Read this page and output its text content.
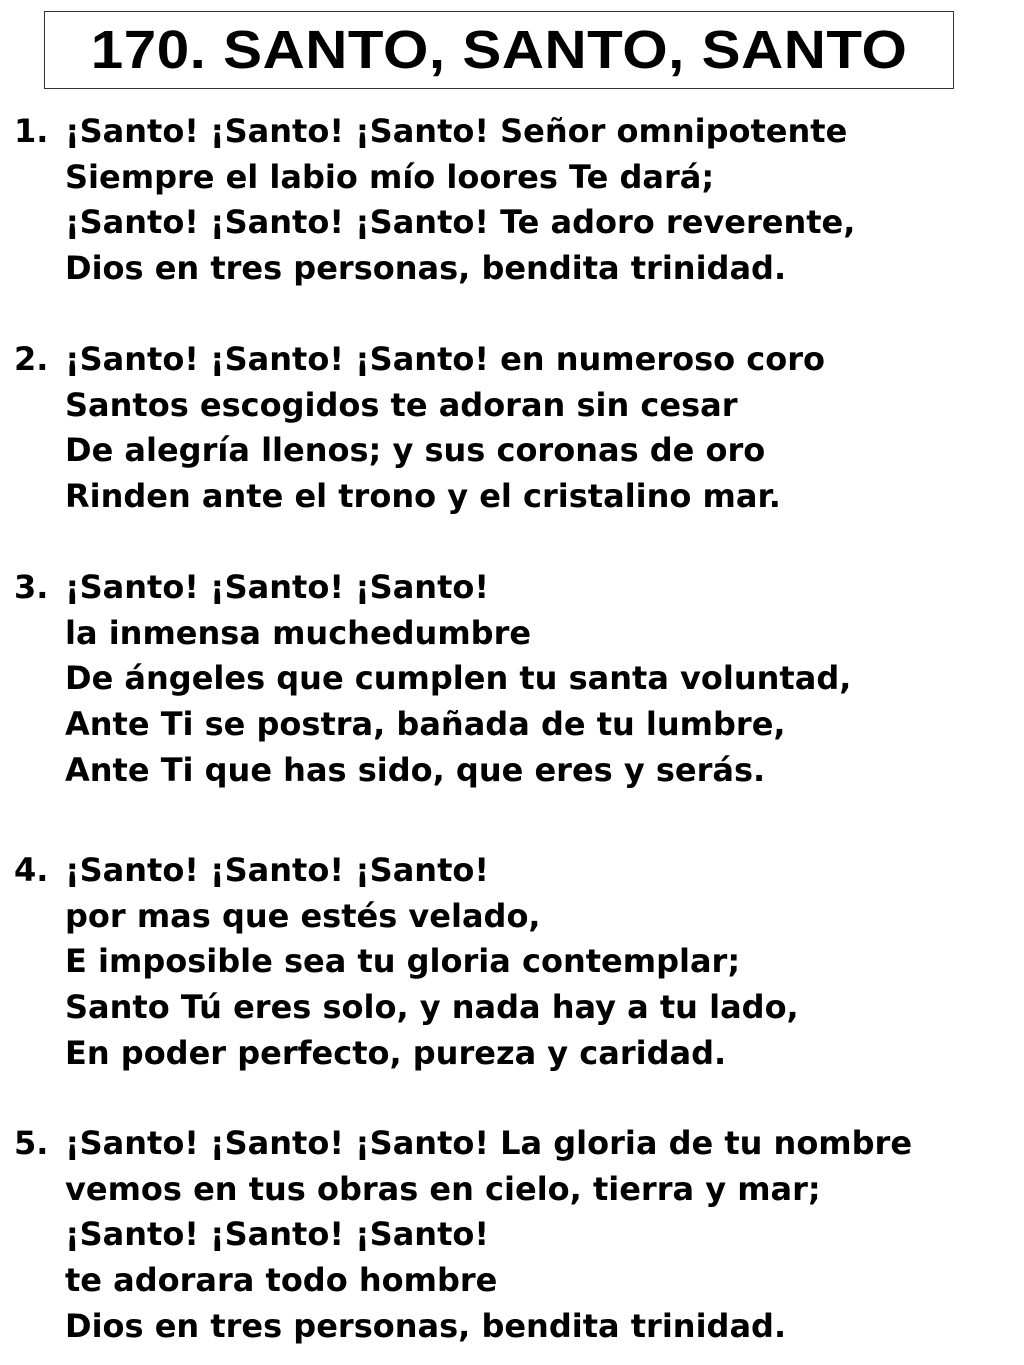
170. SANTO, SANTO, SANTO
1. ¡Santo! ¡Santo! ¡Santo! Señor omnipotente
Siempre el labio mío loores Te dará;
¡Santo! ¡Santo! ¡Santo! Te adoro reverente,
Dios en tres personas, bendita trinidad.
2. ¡Santo! ¡Santo! ¡Santo! en numeroso coro
Santos escogidos te adoran sin cesar
De alegría llenos; y sus coronas de oro
Rinden ante el trono y el cristalino mar.
3. ¡Santo! ¡Santo! ¡Santo!
la inmensa muchedumbre
De ángeles que cumplen tu santa voluntad,
Ante Ti se postra, bañada de tu lumbre,
Ante Ti que has sido, que eres y serás.
4. ¡Santo! ¡Santo! ¡Santo!
por mas que estés velado,
E imposible sea tu gloria contemplar;
Santo Tú eres solo, y nada hay a tu lado,
En poder perfecto, pureza y caridad.
5. ¡Santo! ¡Santo! ¡Santo! La gloria de tu nombre
vemos en tus obras en cielo, tierra y mar;
¡Santo! ¡Santo! ¡Santo!
te adorara todo hombre
Dios en tres personas, bendita trinidad.
